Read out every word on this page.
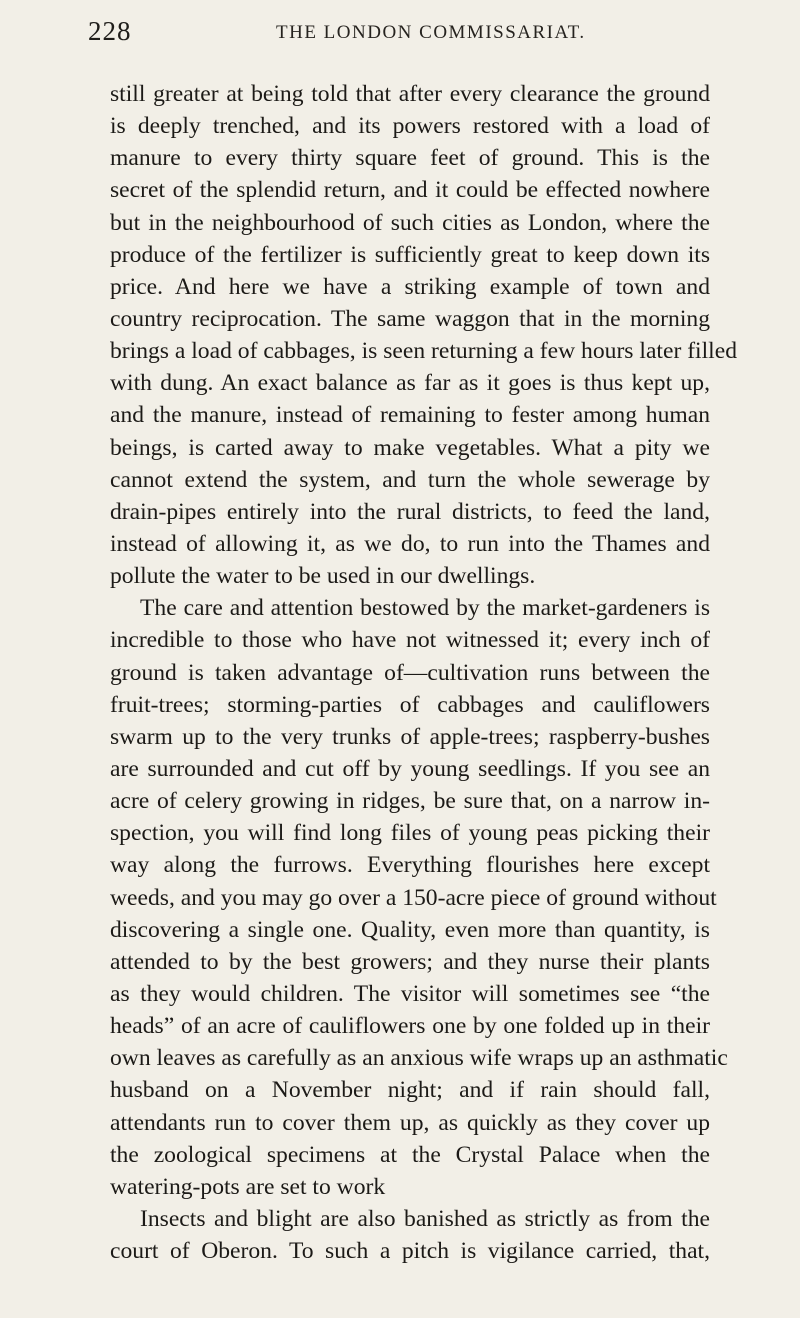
228	THE LONDON COMMISSARIAT.
still greater at being told that after every clearance the ground
is deeply trenched, and its powers restored with a load of
manure to every thirty square feet of ground. This is the
secret of the splendid return, and it could be effected nowhere
but in the neighbourhood of such cities as London, where the
produce of the fertilizer is sufficiently great to keep down its
price. And here we have a striking example of town and
country reciprocation. The same waggon that in the morning
brings a load of cabbages, is seen returning a few hours later filled
with dung. An exact balance as far as it goes is thus kept up,
and the manure, instead of remaining to fester among human
beings, is carted away to make vegetables. What a pity we
cannot extend the system, and turn the whole sewerage by
drain-pipes entirely into the rural districts, to feed the land,
instead of allowing it, as we do, to run into the Thames and
pollute the water to be used in our dwellings.
The care and attention bestowed by the market-gardeners is
incredible to those who have not witnessed it; every inch of
ground is taken advantage of—cultivation runs between the
fruit-trees; storming-parties of cabbages and cauliflowers
swarm up to the very trunks of apple-trees; raspberry-bushes
are surrounded and cut off by young seedlings. If you see an
acre of celery growing in ridges, be sure that, on a narrow in-
spection, you will find long files of young peas picking their
way along the furrows. Everything flourishes here except
weeds, and you may go over a 150-acre piece of ground without
discovering a single one. Quality, even more than quantity, is
attended to by the best growers; and they nurse their plants
as they would children. The visitor will sometimes see “the
heads” of an acre of cauliflowers one by one folded up in their
own leaves as carefully as an anxious wife wraps up an asthmatic
husband on a November night; and if rain should fall,
attendants run to cover them up, as quickly as they cover up
the zoological specimens at the Crystal Palace when the
watering-pots are set to work
Insects and blight are also banished as strictly as from the
court of Oberon. To such a pitch is vigilance carried, that,
